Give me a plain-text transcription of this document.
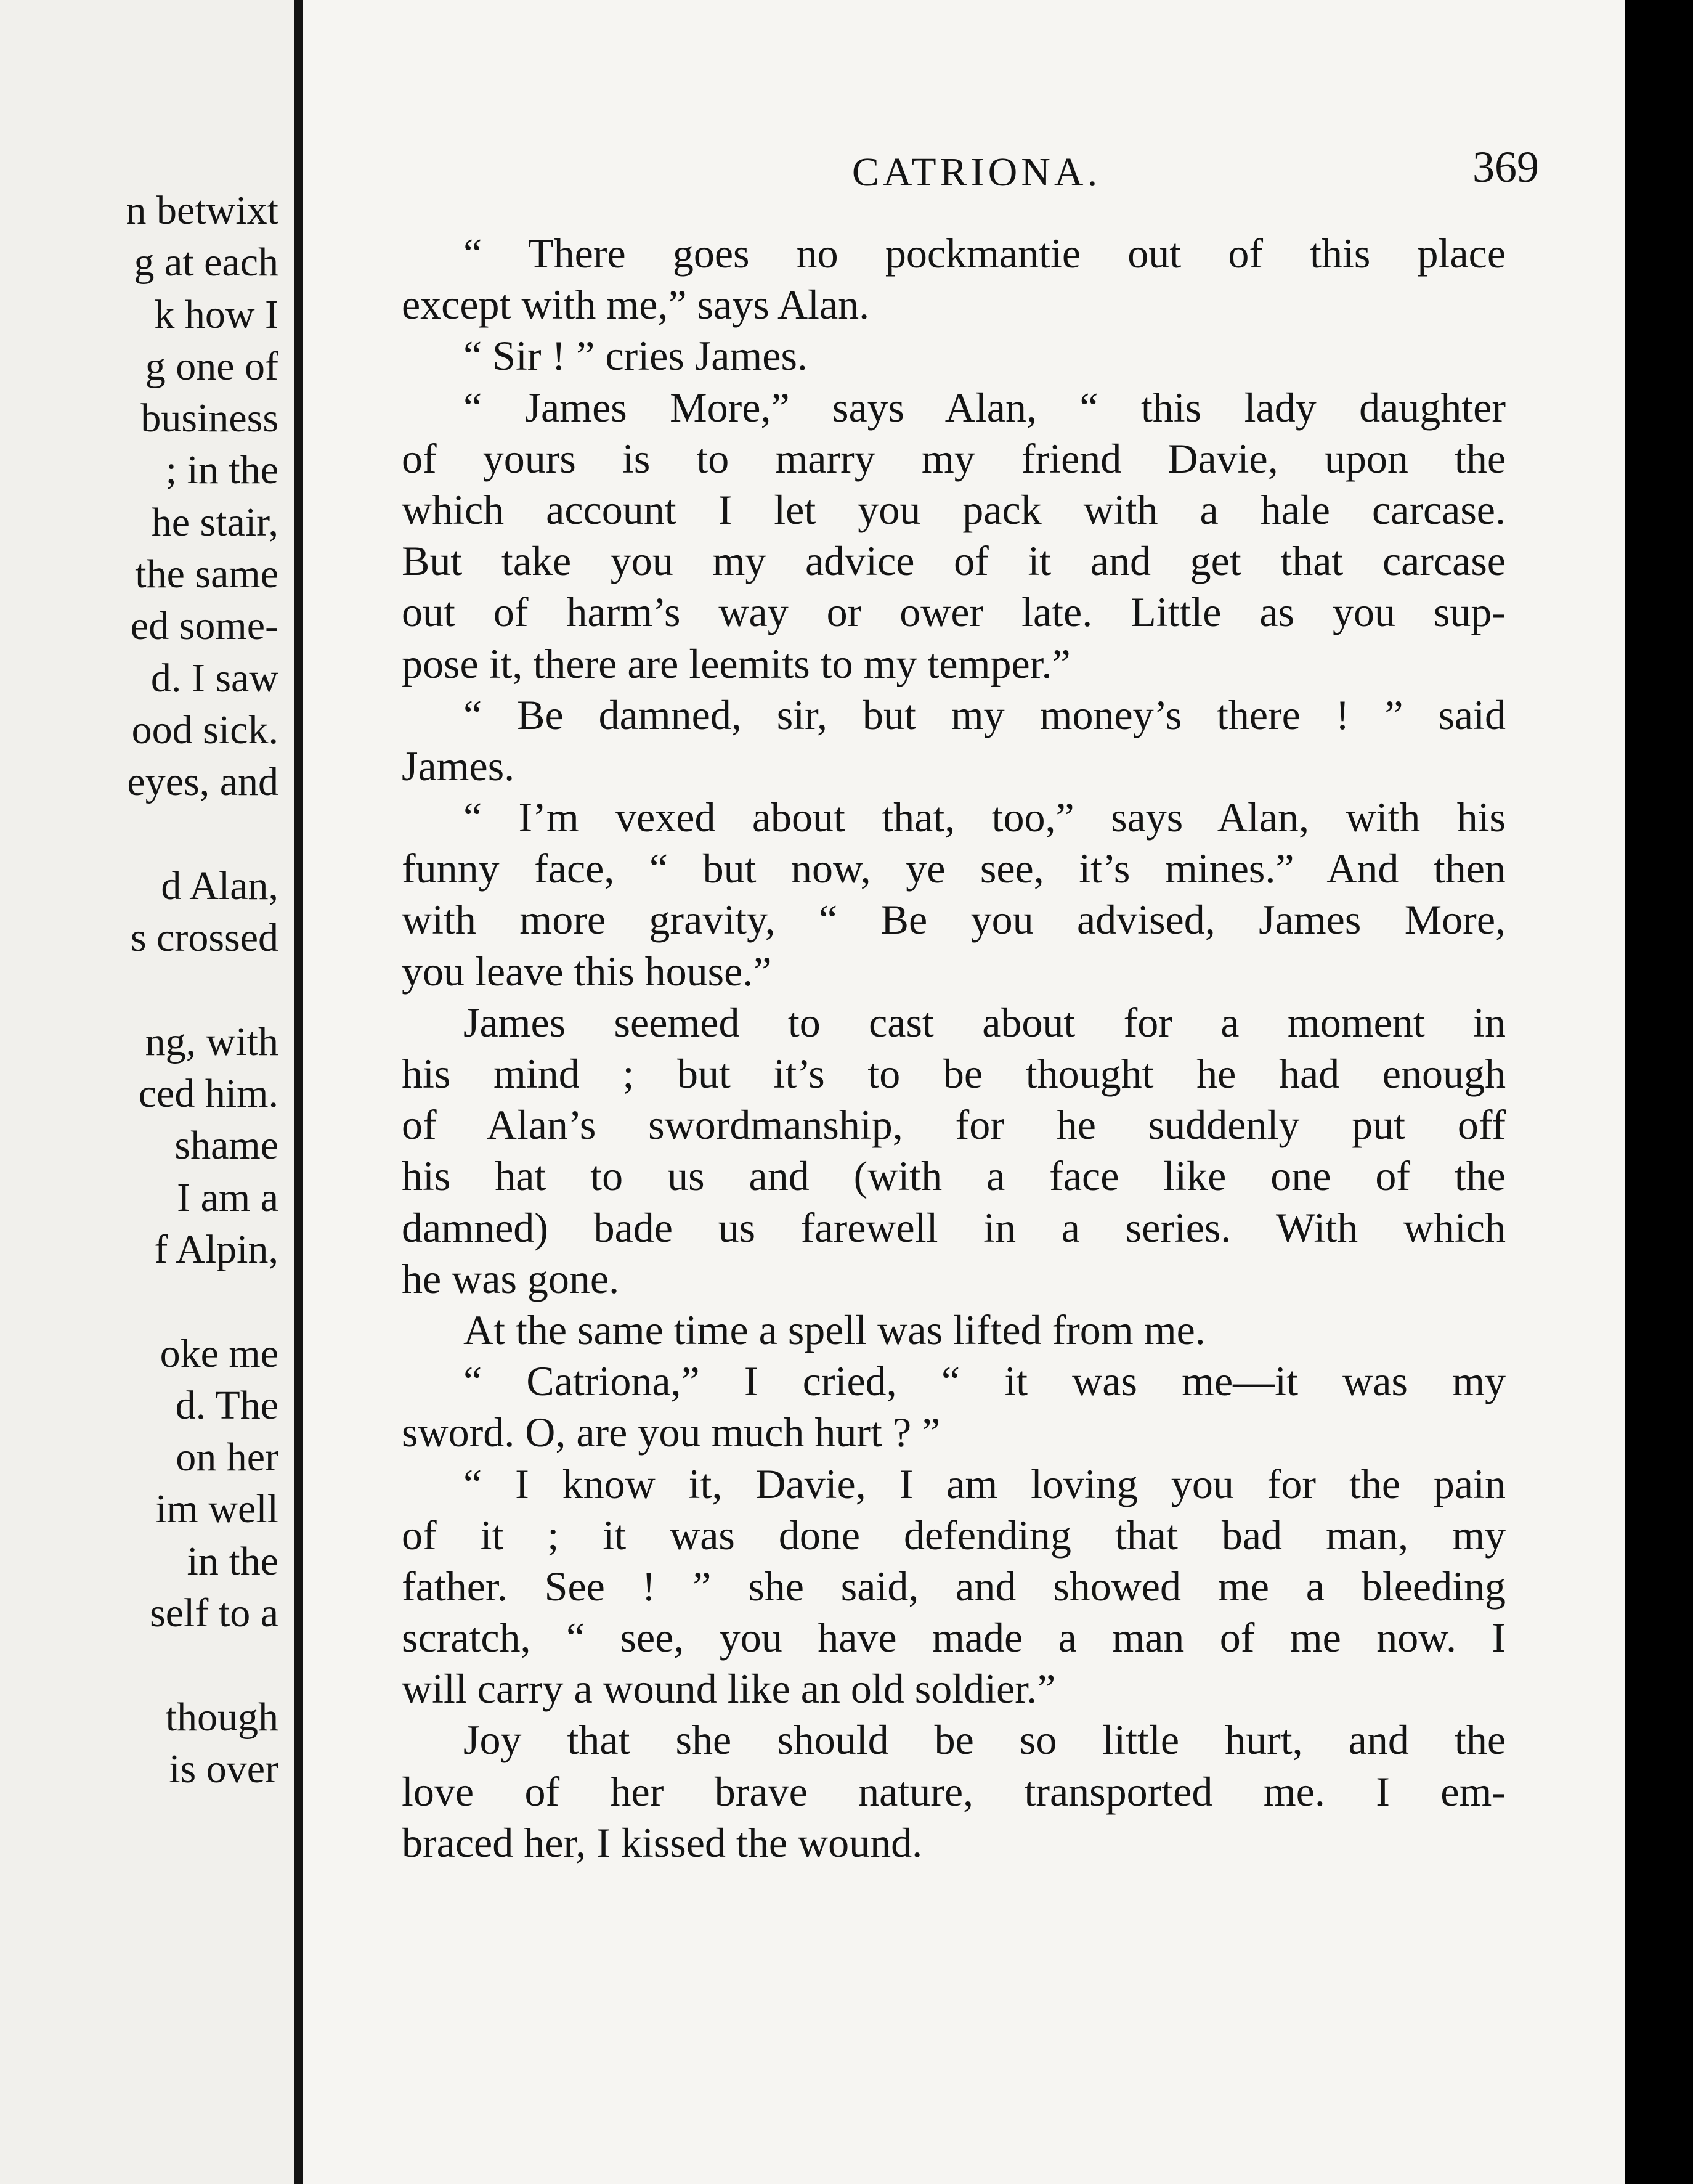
n betwixt
g at each
k how I
g one of
business
; in the
he stair,
the same
ed some-
d. I saw
ood sick.
eyes, and
d Alan,
s crossed
ng, with
ced him.
shame
I am a
f Alpin,
oke me
d. The
on her
im well
in the
self to a
though
is over
CATRIONA.	369
“ There goes no pockmantie out of this place
except with me,” says Alan.
“ Sir ! ” cries James.
“ James More,” says Alan, “ this lady daughter
of yours is to marry my friend Davie, upon the
which account I let you pack with a hale carcase.
But take you my advice of it and get that carcase
out of harm’s way or ower late. Little as you sup-
pose it, there are leemits to my temper.”
“ Be damned, sir, but my money’s there ! ” said
James.
“ I’m vexed about that, too,” says Alan, with his
funny face, “ but now, ye see, it’s mines.” And then
with more gravity, “ Be you advised, James More,
you leave this house.”
James seemed to cast about for a moment in
his mind ; but it’s to be thought he had enough
of Alan’s swordmanship, for he suddenly put off
his hat to us and (with a face like one of the
damned) bade us farewell in a series. With which
he was gone.
At the same time a spell was lifted from me.
“ Catriona,” I cried, “ it was me—it was my
sword. O, are you much hurt ? ”
“ I know it, Davie, I am loving you for the pain
of it ; it was done defending that bad man, my
father. See ! ” she said, and showed me a bleeding
scratch, “ see, you have made a man of me now. I
will carry a wound like an old soldier.”
Joy that she should be so little hurt, and the
love of her brave nature, transported me. I em-
braced her, I kissed the wound.
